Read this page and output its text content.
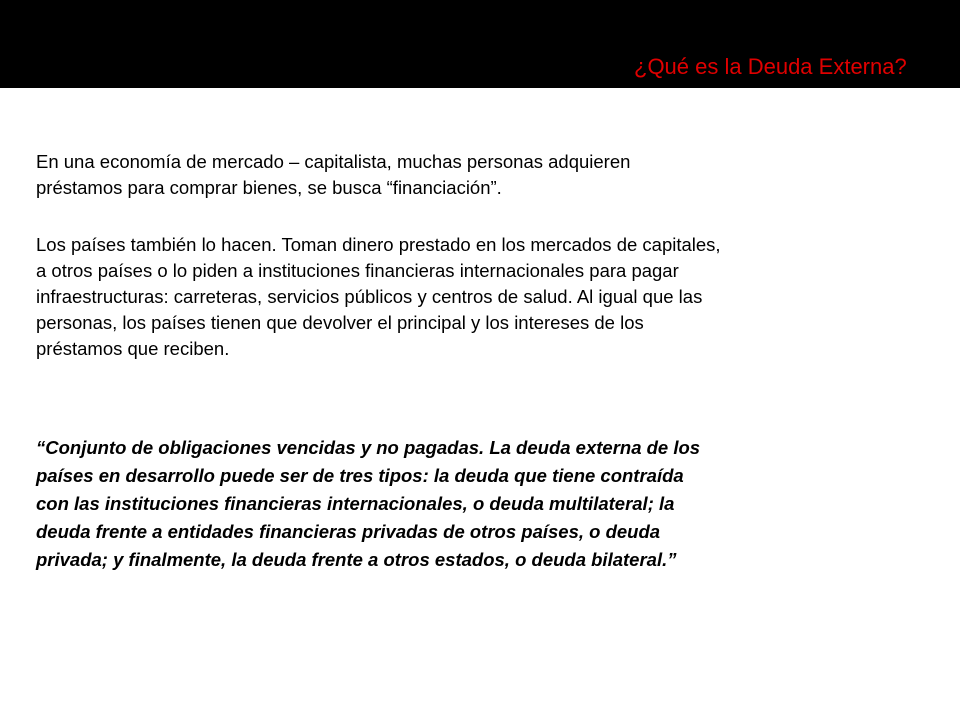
¿Qué es la Deuda Externa?

En una economía de mercado – capitalista, muchas personas adquieren
préstamos para comprar bienes, se busca “financiación”.

Los países también lo hacen. Toman dinero prestado en los mercados de capitales,
a otros países o lo piden a instituciones financieras internacionales para pagar
infraestructuras: carreteras, servicios públicos y centros de salud. Al igual que las
personas, los países tienen que devolver el principal y los intereses de los
préstamos que reciben.

“Conjunto de obligaciones vencidas y no pagadas. La deuda externa de los
países en desarrollo puede ser de tres tipos: la deuda que tiene contraída
con las instituciones financieras internacionales, o deuda multilateral; la
deuda frente a entidades financieras privadas de otros países, o deuda
privada; y finalmente, la deuda frente a otros estados, o deuda bilateral.”
